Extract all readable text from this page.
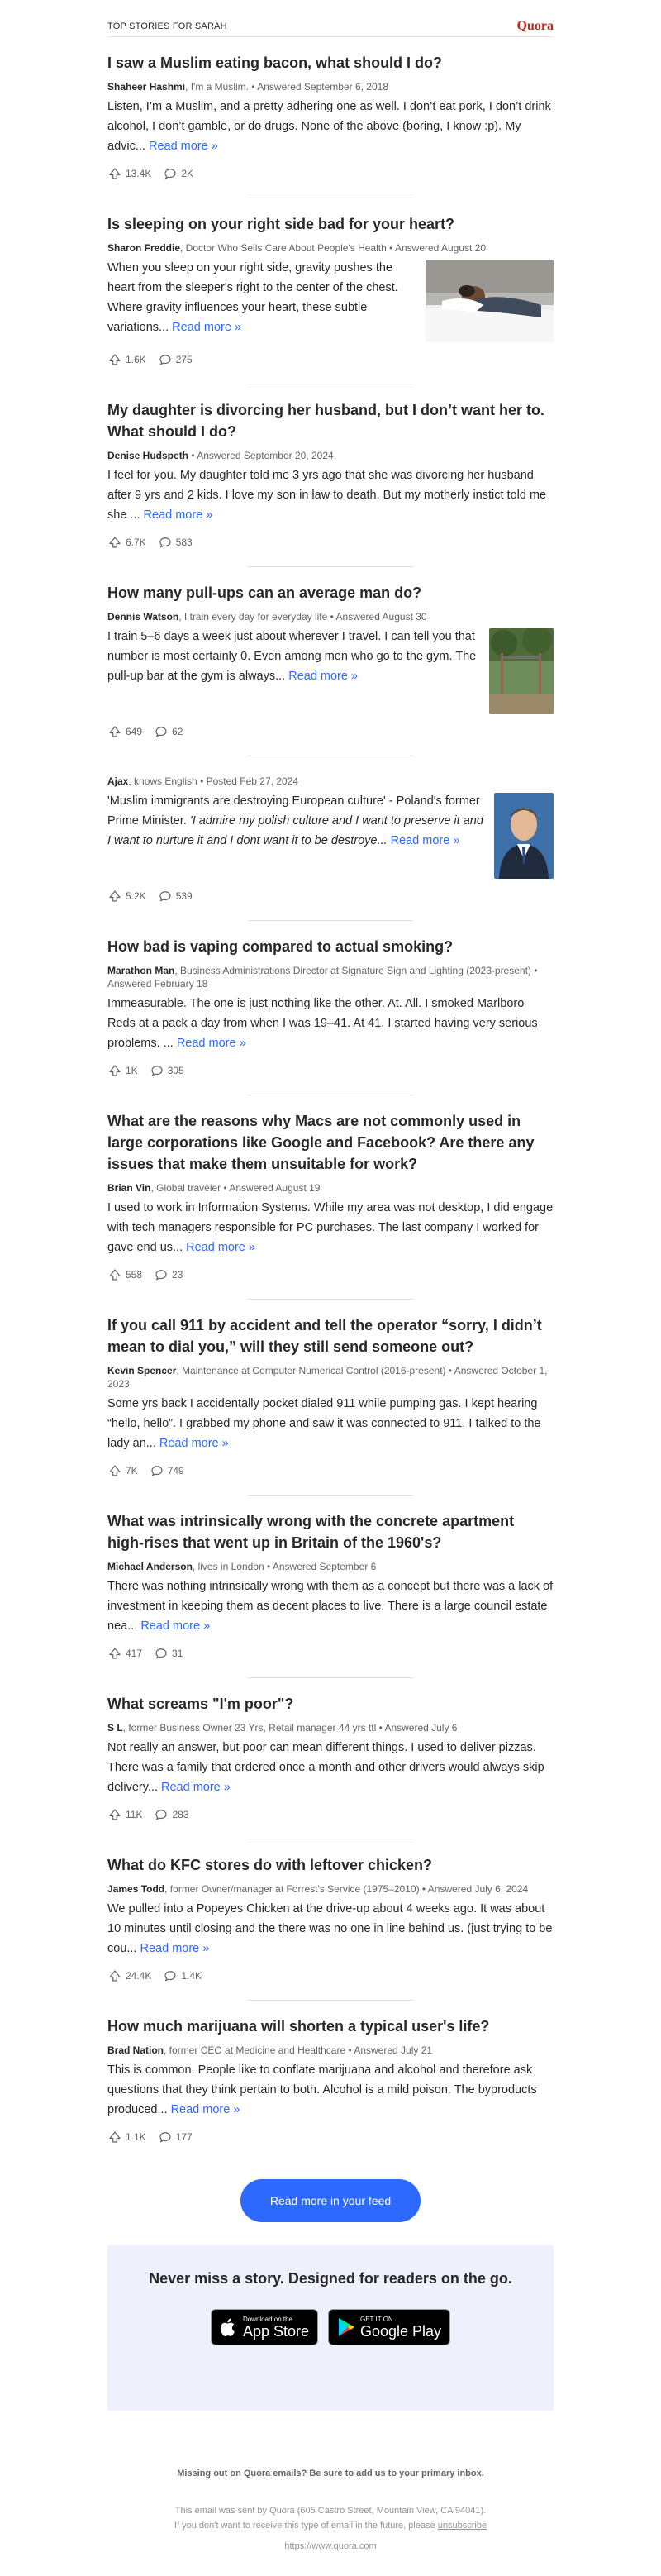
TOP STORIES FOR SARAH	Quora
I saw a Muslim eating bacon, what should I do?
Shaheer Hashmi, I'm a Muslim. • Answered September 6, 2018
Listen, I’m a Muslim, and a pretty adhering one as well. I don’t eat pork, I don’t drink alcohol, I don’t gamble, or do drugs. None of the above (boring, I know :p). My advic... Read more »
13.4K	2K
Is sleeping on your right side bad for your heart?
Sharon Freddie, Doctor Who Sells Care About People's Health • Answered August 20
When you sleep on your right side, gravity pushes the heart from the sleeper's right to the center of the chest. Where gravity influences your heart, these subtle variations... Read more »
1.6K	275
My daughter is divorcing her husband, but I don’t want her to. What should I do?
Denise Hudspeth • Answered September 20, 2024
I feel for you. My daughter told me 3 yrs ago that she was divorcing her husband after 9 yrs and 2 kids. I love my son in law to death. But my motherly instict told me she ... Read more »
6.7K	583
How many pull-ups can an average man do?
Dennis Watson, I train every day for everyday life • Answered August 30
I train 5–6 days a week just about wherever I travel. I can tell you that number is most certainly 0. Even among men who go to the gym. The pull-up bar at the gym is always... Read more »
649	62
Ajax, knows English • Posted Feb 27, 2024
'Muslim immigrants are destroying European culture' - Poland's former Prime Minister. 'I admire my polish culture and I want to preserve it and I want to nurture it and I dont want it to be destroye... Read more »
5.2K	539
How bad is vaping compared to actual smoking?
Marathon Man, Business Administrations Director at Signature Sign and Lighting (2023-present) • Answered February 18
Immeasurable. The one is just nothing like the other. At. All. I smoked Marlboro Reds at a pack a day from when I was 19–41. At 41, I started having very serious problems. ... Read more »
1K	305
What are the reasons why Macs are not commonly used in large corporations like Google and Facebook? Are there any issues that make them unsuitable for work?
Brian Vin, Global traveler • Answered August 19
I used to work in Information Systems. While my area was not desktop, I did engage with tech managers responsible for PC purchases. The last company I worked for gave end us... Read more »
558	23
If you call 911 by accident and tell the operator “sorry, I didn’t mean to dial you,” will they still send someone out?
Kevin Spencer, Maintenance at Computer Numerical Control (2016-present) • Answered October 1, 2023
Some yrs back I accidentally pocket dialed 911 while pumping gas. I kept hearing “hello, hello”. I grabbed my phone and saw it was connected to 911. I talked to the lady an... Read more »
7K	749
What was intrinsically wrong with the concrete apartment high-rises that went up in Britain of the 1960's?
Michael Anderson, lives in London • Answered September 6
There was nothing intrinsically wrong with them as a concept but there was a lack of investment in keeping them as decent places to live. There is a large council estate nea... Read more »
417	31
What screams "I'm poor"?
S L, former Business Owner 23 Yrs, Retail manager 44 yrs ttl • Answered July 6
Not really an answer, but poor can mean different things. I used to deliver pizzas. There was a family that ordered once a month and other drivers would always skip delivery... Read more »
11K	283
What do KFC stores do with leftover chicken?
James Todd, former Owner/manager at Forrest's Service (1975–2010) • Answered July 6, 2024
We pulled into a Popeyes Chicken at the drive-up about 4 weeks ago. It was about 10 minutes until closing and the there was no one in line behind us. (just trying to be cou... Read more »
24.4K	1.4K
How much marijuana will shorten a typical user's life?
Brad Nation, former CEO at Medicine and Healthcare • Answered July 21
This is common. People like to conflate marijuana and alcohol and therefore ask questions that they think pertain to both. Alcohol is a mild poison. The byproducts produced... Read more »
1.1K	177
Read more in your feed
Never miss a story. Designed for readers on the go.
Download on the
App Store
GET IT ON
Google Play
Missing out on Quora emails? Be sure to add us to your primary inbox.
This email was sent by Quora (605 Castro Street, Mountain View, CA 94041).
If you don't want to receive this type of email in the future, please unsubscribe
https://www.quora.com
